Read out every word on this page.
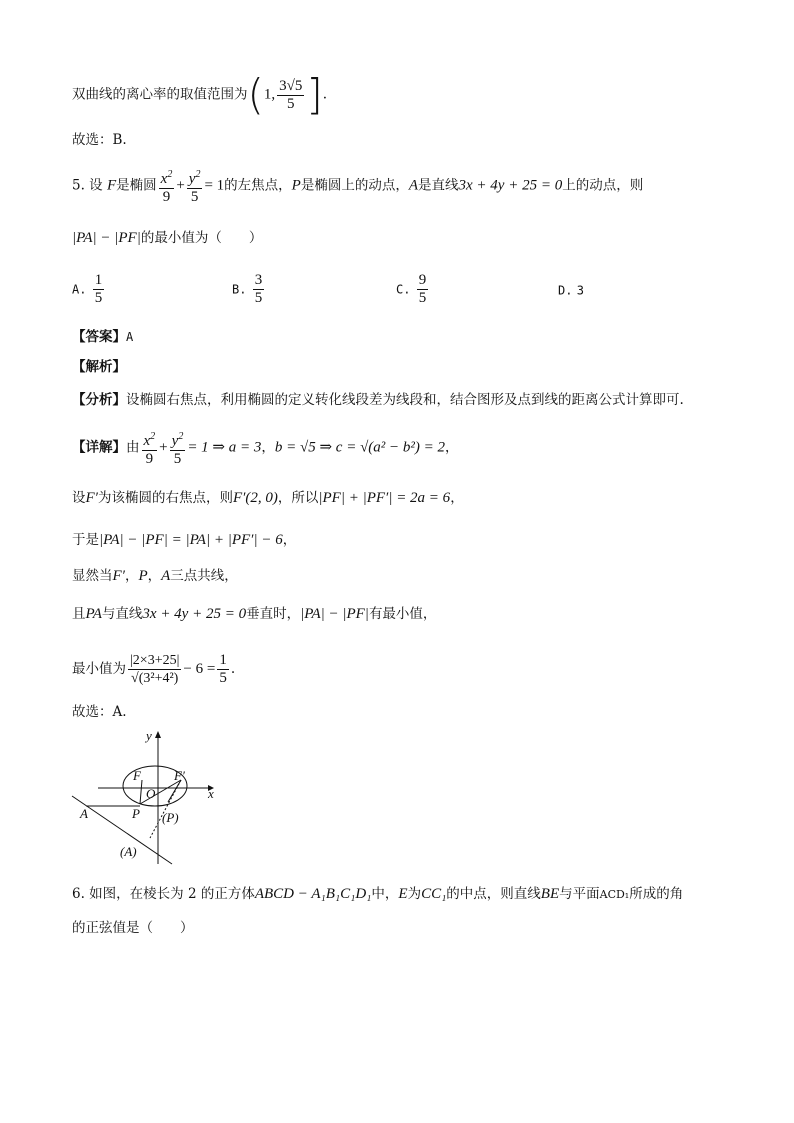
双曲线的离心率的取值范围为(1, $\frac{3√5}{5}$ ].
故选：B.
5. 设 F是椭圆 $\frac{x^2}{9} + \frac{y^2}{5} = 1$的左焦点，P是椭圆上的动点，A是直线3x + 4y + 25 = 0上的动点，则
|PA| − |PF|的最小值为（　　）
A. $\frac{1}{5}$	B. $\frac{3}{5}$	C. $\frac{9}{5}$	D. 3
【答案】A
【解析】
【分析】设椭圆右焦点，利用椭圆的定义转化线段差为线段和，结合图形及点到线的距离公式计算即可.
【详解】由 $\frac{x^2}{9} + \frac{y^2}{5} = 1$ ⇒ a = 3，b = √5 ⇒ c = √(a² − b²) = 2，
设F′为该椭圆的右焦点，则F′(2, 0)，所以|PF| + |PF′| = 2a = 6，
于是|PA| − |PF| = |PA| + |PF′| − 6，
显然当F′，P，A三点共线，
且PA与直线3x + 4y + 25 = 0垂直时，|PA| − |PF|有最小值，
最小值为 $\frac{|2\times 3+25|}{\text{√(3²+4²)}} - 6 = \frac{1}{5}$ .
故选：A.
y
x
F	F′
O
A	P (P)
(A)
6. 如图，在棱长为 2 的正方体ABCD − A₁B₁C₁D₁中，E为CC₁的中点，则直线BE与平面ACD₁所成的角
的正弦值是（　　）
